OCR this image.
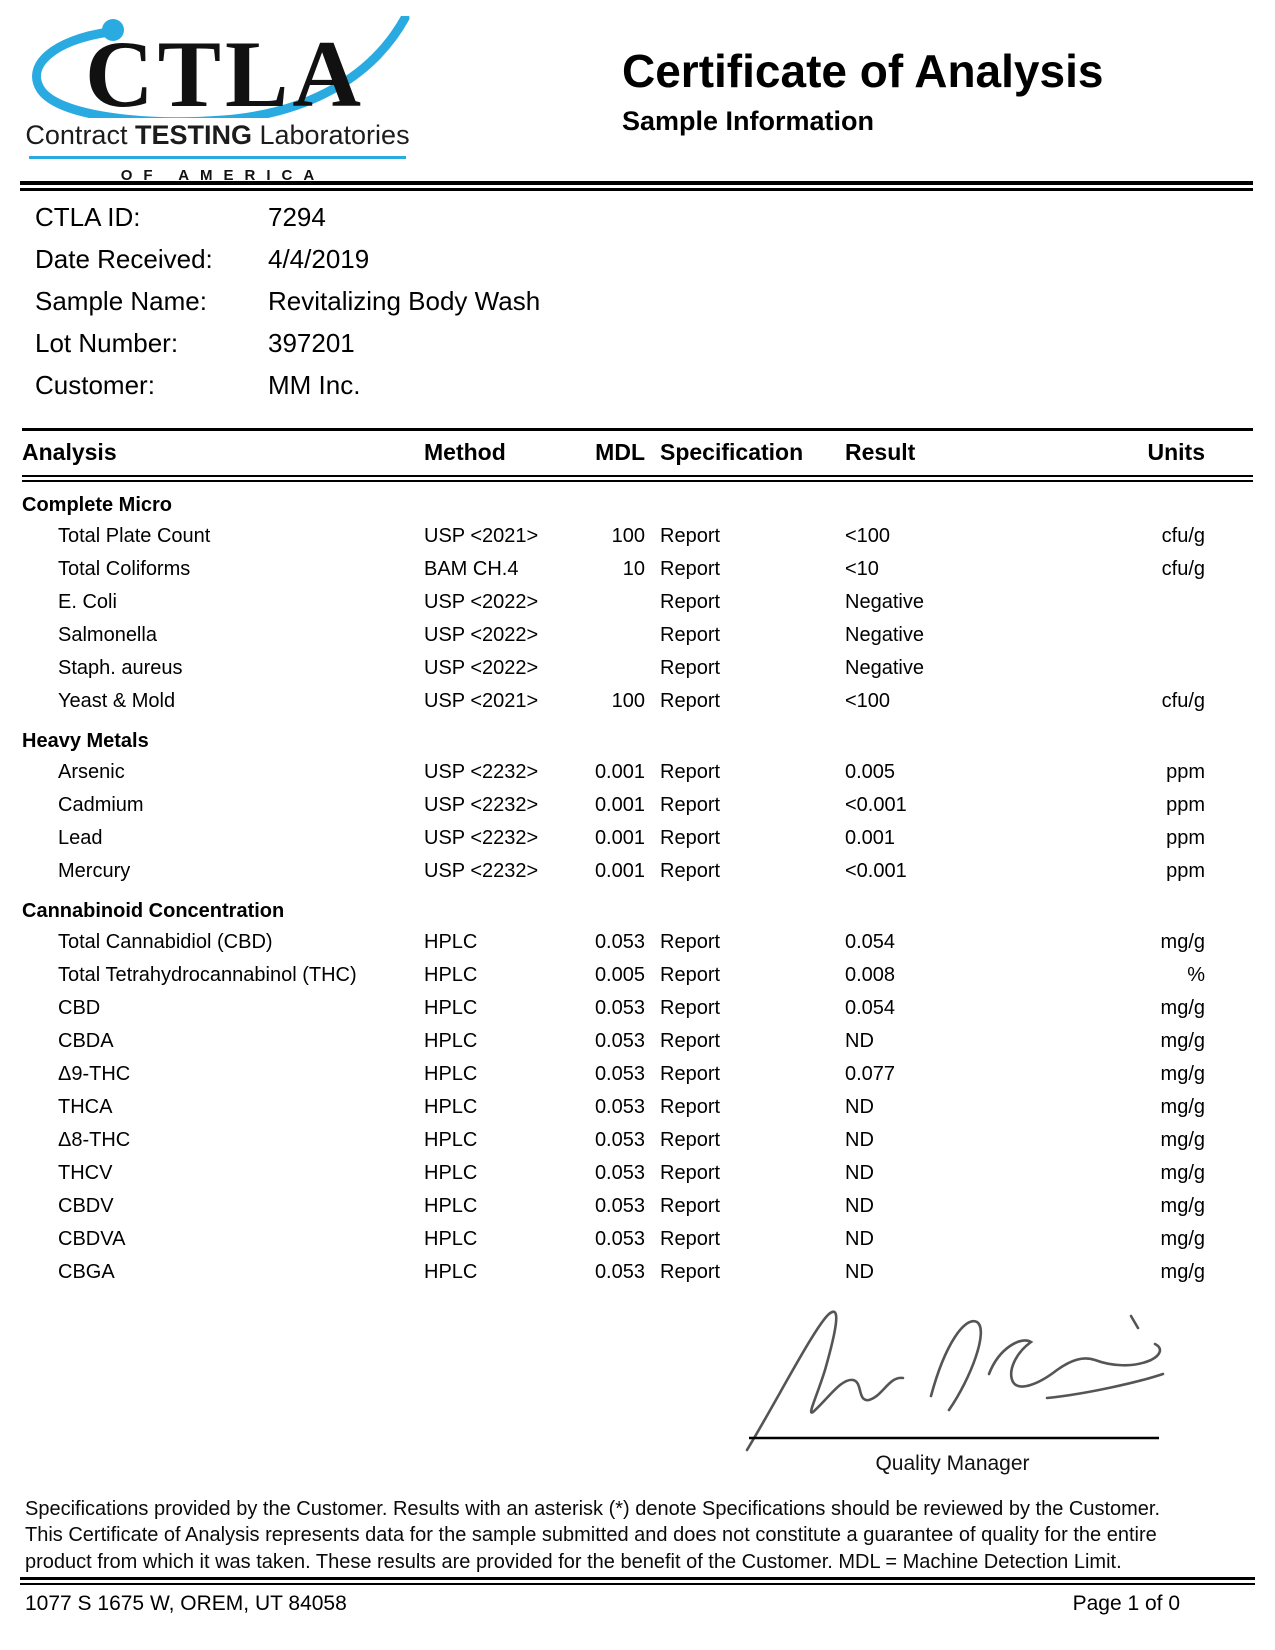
CTLA
Contract TESTING Laboratories
OF AMERICA
Certificate of Analysis
Sample Information
CTLA ID:	7294
Date Received:	4/4/2019
Sample Name:	Revitalizing Body Wash
Lot Number:	397201
Customer:	MM Inc.
Analysis	Method	MDL	Specification	Result	Units
Complete Micro					
Total Plate Count	USP <2021>	100	Report	<100	cfu/g
Total Coliforms	BAM CH.4	10	Report	<10	cfu/g
E. Coli	USP <2022>		Report	Negative	
Salmonella	USP <2022>		Report	Negative	
Staph. aureus	USP <2022>		Report	Negative	
Yeast & Mold	USP <2021>	100	Report	<100	cfu/g
Heavy Metals					
Arsenic	USP <2232>	0.001	Report	0.005	ppm
Cadmium	USP <2232>	0.001	Report	<0.001	ppm
Lead	USP <2232>	0.001	Report	0.001	ppm
Mercury	USP <2232>	0.001	Report	<0.001	ppm
Cannabinoid Concentration					
Total Cannabidiol (CBD)	HPLC	0.053	Report	0.054	mg/g
Total Tetrahydrocannabinol (THC)	HPLC	0.005	Report	0.008	%
CBD	HPLC	0.053	Report	0.054	mg/g
CBDA	HPLC	0.053	Report	ND	mg/g
Δ9-THC	HPLC	0.053	Report	0.077	mg/g
THCA	HPLC	0.053	Report	ND	mg/g
Δ8-THC	HPLC	0.053	Report	ND	mg/g
THCV	HPLC	0.053	Report	ND	mg/g
CBDV	HPLC	0.053	Report	ND	mg/g
CBDVA	HPLC	0.053	Report	ND	mg/g
CBGA	HPLC	0.053	Report	ND	mg/g
Quality Manager
Specifications provided by the Customer. Results with an asterisk (*) denote Specifications should be reviewed by the Customer. This Certificate of Analysis represents data for the sample submitted and does not constitute a guarantee of quality for the entire product from which it was taken. These results are provided for the benefit of the Customer. MDL = Machine Detection Limit.
1077 S 1675 W, OREM, UT 84058	Page 1 of 0
